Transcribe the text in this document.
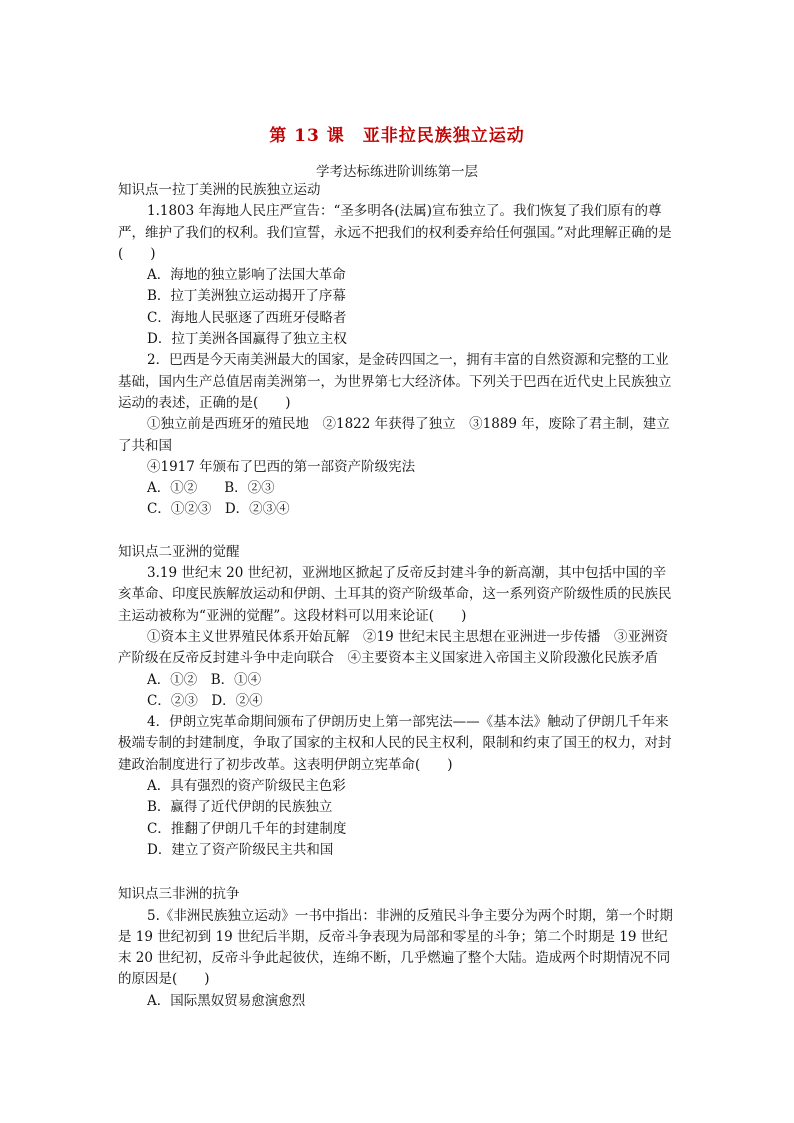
第 13 课　亚非拉民族独立运动
学考达标练进阶训练第一层

知识点一拉丁美洲的民族独立运动

1.1803 年海地人民庄严宣告：“圣多明各(法属)宣布独立了。我们恢复了我们原有的尊严，维护了我们的权利。我们宣誓，永远不把我们的权利委弃给任何强国。”对此理解正确的是(　　)

A．海地的独立影响了法国大革命

B．拉丁美洲独立运动揭开了序幕

C．海地人民驱逐了西班牙侵略者

D．拉丁美洲各国赢得了独立主权

2．巴西是今天南美洲最大的国家，是金砖四国之一，拥有丰富的自然资源和完整的工业基础，国内生产总值居南美洲第一，为世界第七大经济体。下列关于巴西在近代史上民族独立运动的表述，正确的是(　　)

①独立前是西班牙的殖民地　②1822 年获得了独立　③1889 年，废除了君主制，建立了共和国

④1917 年颁布了巴西的第一部资产阶级宪法

A．①②　　B．②③

C．①②③　D．②③④

知识点二亚洲的觉醒

3.19 世纪末 20 世纪初，亚洲地区掀起了反帝反封建斗争的新高潮，其中包括中国的辛亥革命、印度民族解放运动和伊朗、土耳其的资产阶级革命，这一系列资产阶级性质的民族民主运动被称为“亚洲的觉醒”。这段材料可以用来论证(　　)

①资本主义世界殖民体系开始瓦解　②19 世纪末民主思想在亚洲进一步传播　③亚洲资产阶级在反帝反封建斗争中走向联合　④主要资本主义国家进入帝国主义阶段激化民族矛盾

A．①②　B．①④

C．②③　D．②④

4．伊朗立宪革命期间颁布了伊朗历史上第一部宪法——《基本法》触动了伊朗几千年来极端专制的封建制度，争取了国家的主权和人民的民主权利，限制和约束了国王的权力，对封建政治制度进行了初步改革。这表明伊朗立宪革命(　　)

A．具有强烈的资产阶级民主色彩

B．赢得了近代伊朗的民族独立

C．推翻了伊朗几千年的封建制度

D．建立了资产阶级民主共和国

知识点三非洲的抗争

5.《非洲民族独立运动》一书中指出：非洲的反殖民斗争主要分为两个时期，第一个时期是 19 世纪初到 19 世纪后半期，反帝斗争表现为局部和零星的斗争；第二个时期是 19 世纪末 20 世纪初，反帝斗争此起彼伏，连绵不断，几乎燃遍了整个大陆。造成两个时期情况不同的原因是(　　)

A．国际黑奴贸易愈演愈烈
